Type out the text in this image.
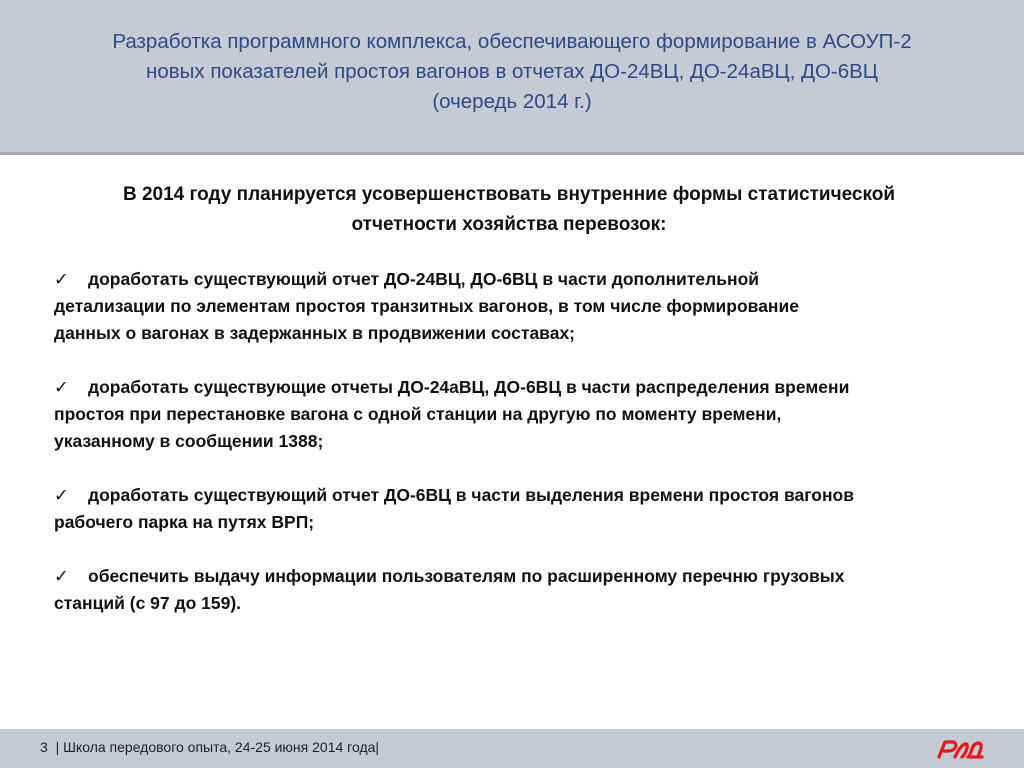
Разработка программного комплекса, обеспечивающего формирование в АСОУП-2
новых показателей простоя вагонов в отчетах ДО-24ВЦ, ДО-24аВЦ, ДО-6ВЦ
(очередь 2014 г.)
В 2014 году планируется усовершенствовать внутренние формы статистической
отчетности хозяйства перевозок:
✓ доработать существующий отчет ДО-24ВЦ, ДО-6ВЦ в части дополнительной
детализации по элементам простоя транзитных вагонов, в том числе формирование
данных о вагонах в задержанных в продвижении составах;
✓ доработать существующие отчеты ДО-24аВЦ, ДО-6ВЦ в части распределения времени
простоя при перестановке вагона с одной станции на другую по моменту времени,
указанному в сообщении 1388;
✓ доработать существующий отчет ДО-6ВЦ в части выделения времени простоя вагонов
рабочего парка на путях ВРП;
✓ обеспечить выдачу информации пользователям по расширенному перечню грузовых
станций (с 97 до 159).
3 | Школа передового опыта, 24-25 июня 2014 года|
